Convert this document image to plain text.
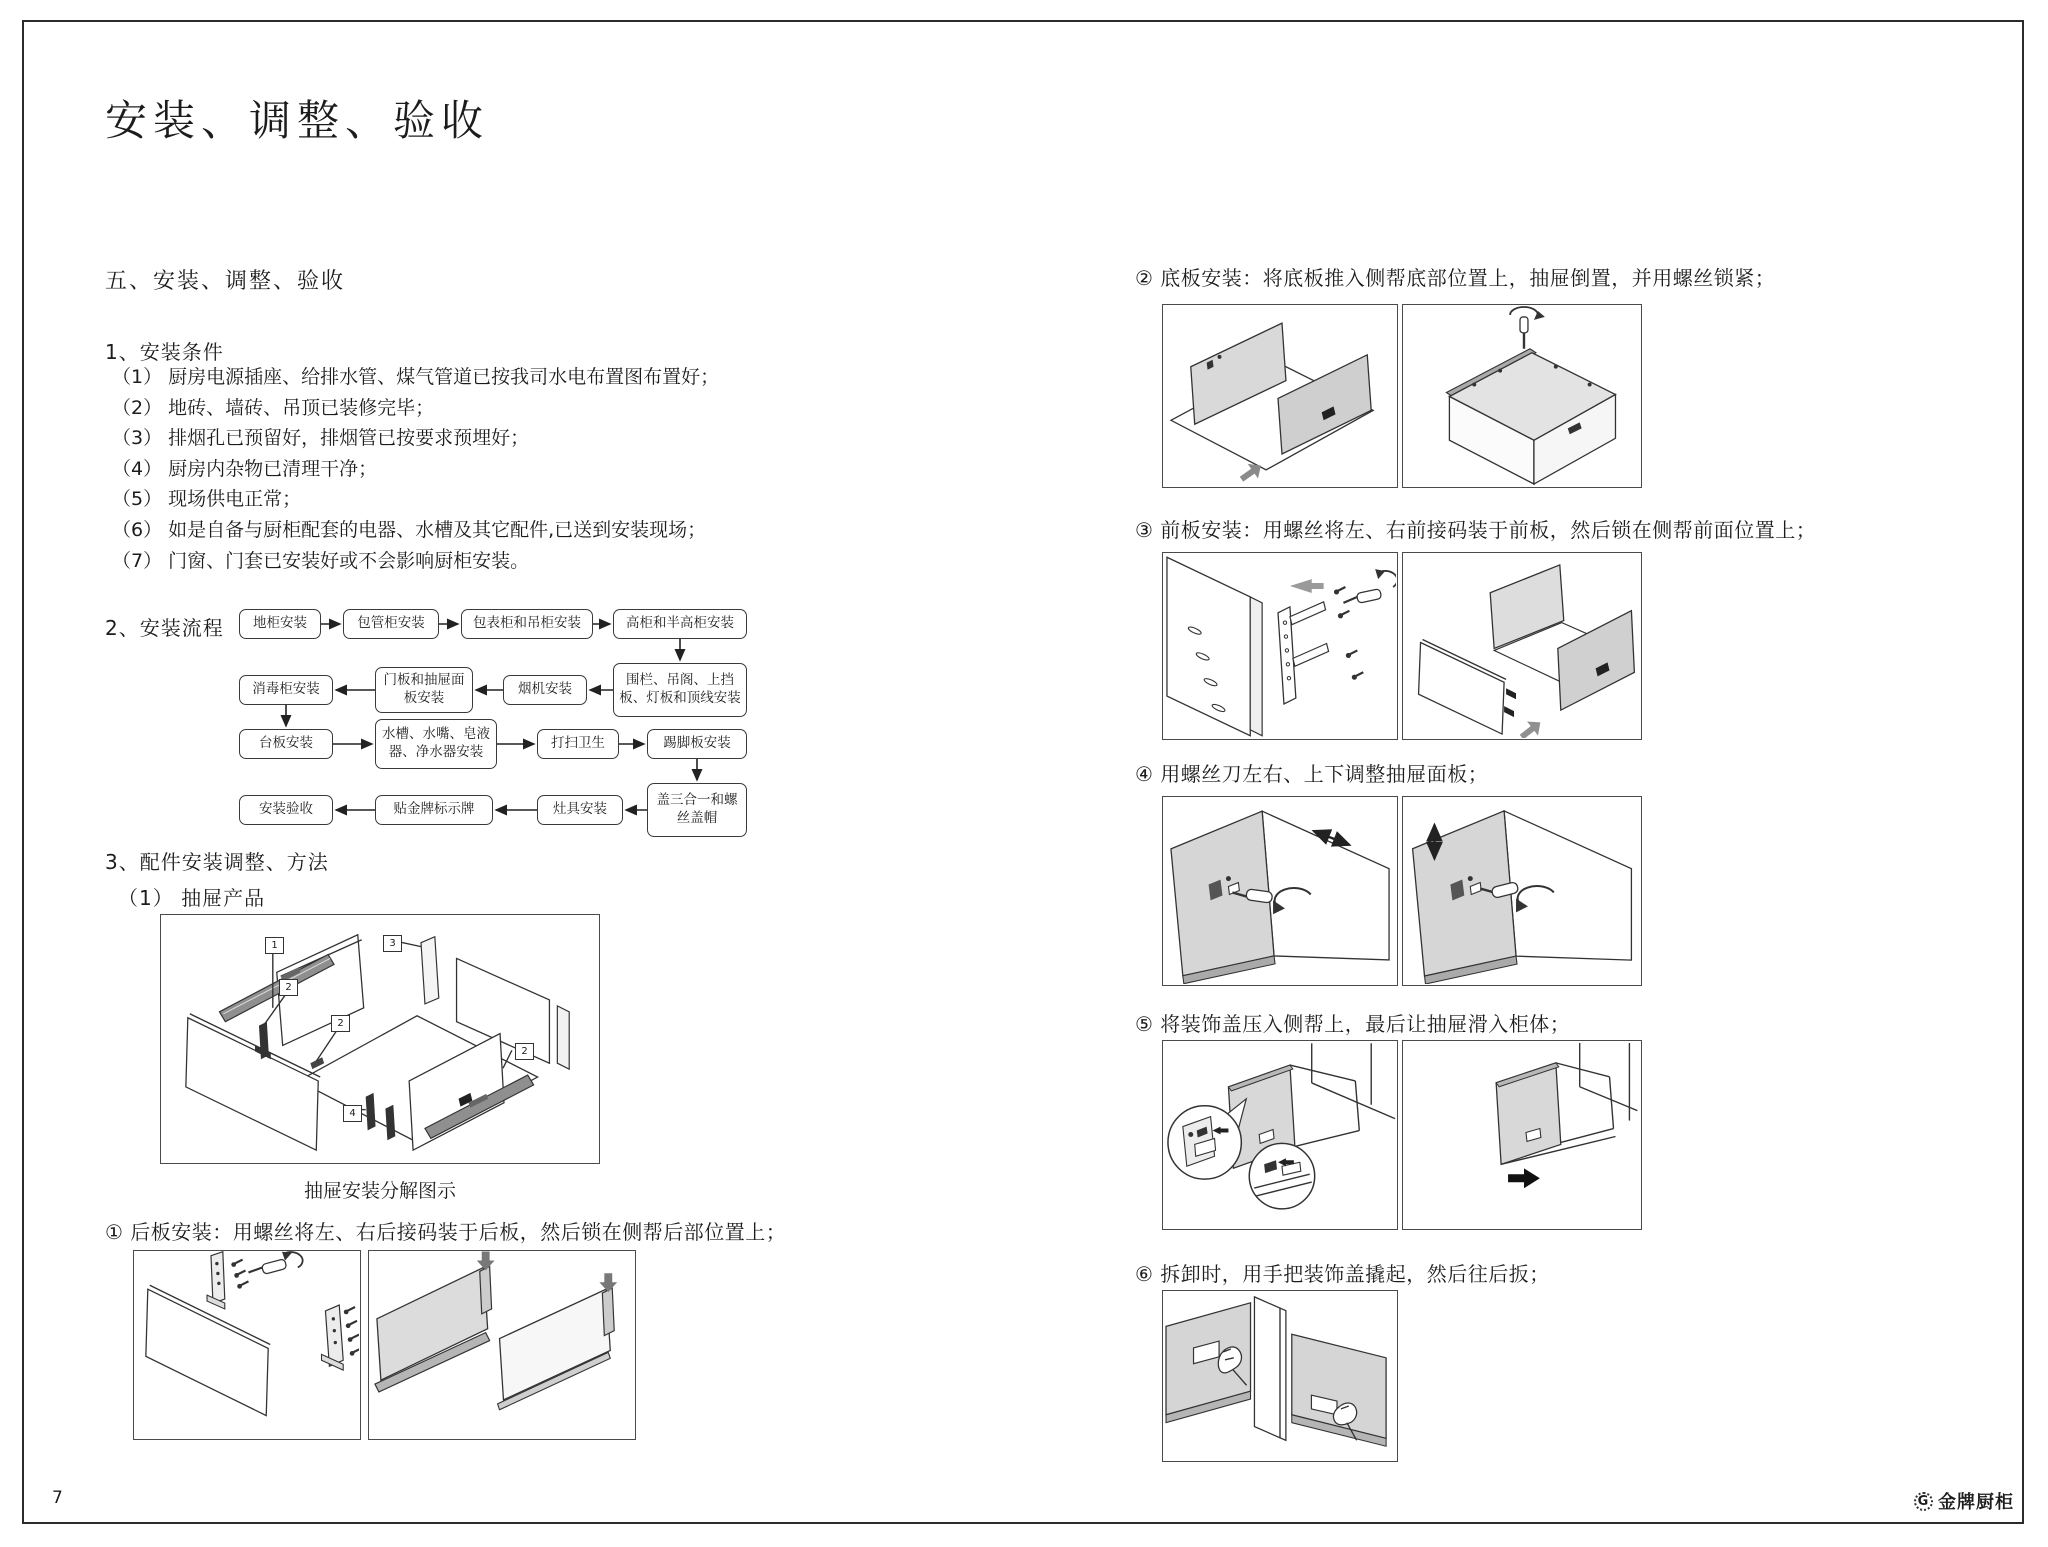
安装、调整、验收
五、安装、调整、验收
1、安装条件
（1） 厨房电源插座、给排水管、煤气管道已按我司水电布置图布置好；
（2） 地砖、墙砖、吊顶已装修完毕；
（3） 排烟孔已预留好，排烟管已按要求预埋好；
（4） 厨房内杂物已清理干净；
（5） 现场供电正常；
（6） 如是自备与厨柜配套的电器、水槽及其它配件,已送到安装现场；
（7） 门窗、门套已安装好或不会影响厨柜安装。
2、安装流程	地柜安装	包管柜安装	包表柜和吊柜安装	高柜和半高柜安装
消毒柜安装
门板和抽屉面板安装
烟机安装
围栏、吊阁、上挡板、灯板和顶线安装
台板安装
水槽、水嘴、皂液器、净水器安装
打扫卫生	踢脚板安装
安装验收	贴金牌标示牌	灶具安装
盖三合一和螺丝盖帽
3、配件安装调整、方法
（1） 抽屉产品
1
2
3
2
2
4
抽屉安装分解图示
① 后板安装：用螺丝将左、右后接码装于后板，然后锁在侧帮后部位置上；
② 底板安装：将底板推入侧帮底部位置上，抽屉倒置，并用螺丝锁紧；
③ 前板安装：用螺丝将左、右前接码装于前板，然后锁在侧帮前面位置上；
④ 用螺丝刀左右、上下调整抽屉面板；
⑤ 将装饰盖压入侧帮上，最后让抽屉滑入柜体；
⑥ 拆卸时，用手把装饰盖撬起，然后往后扳；
7	G 金牌厨柜
